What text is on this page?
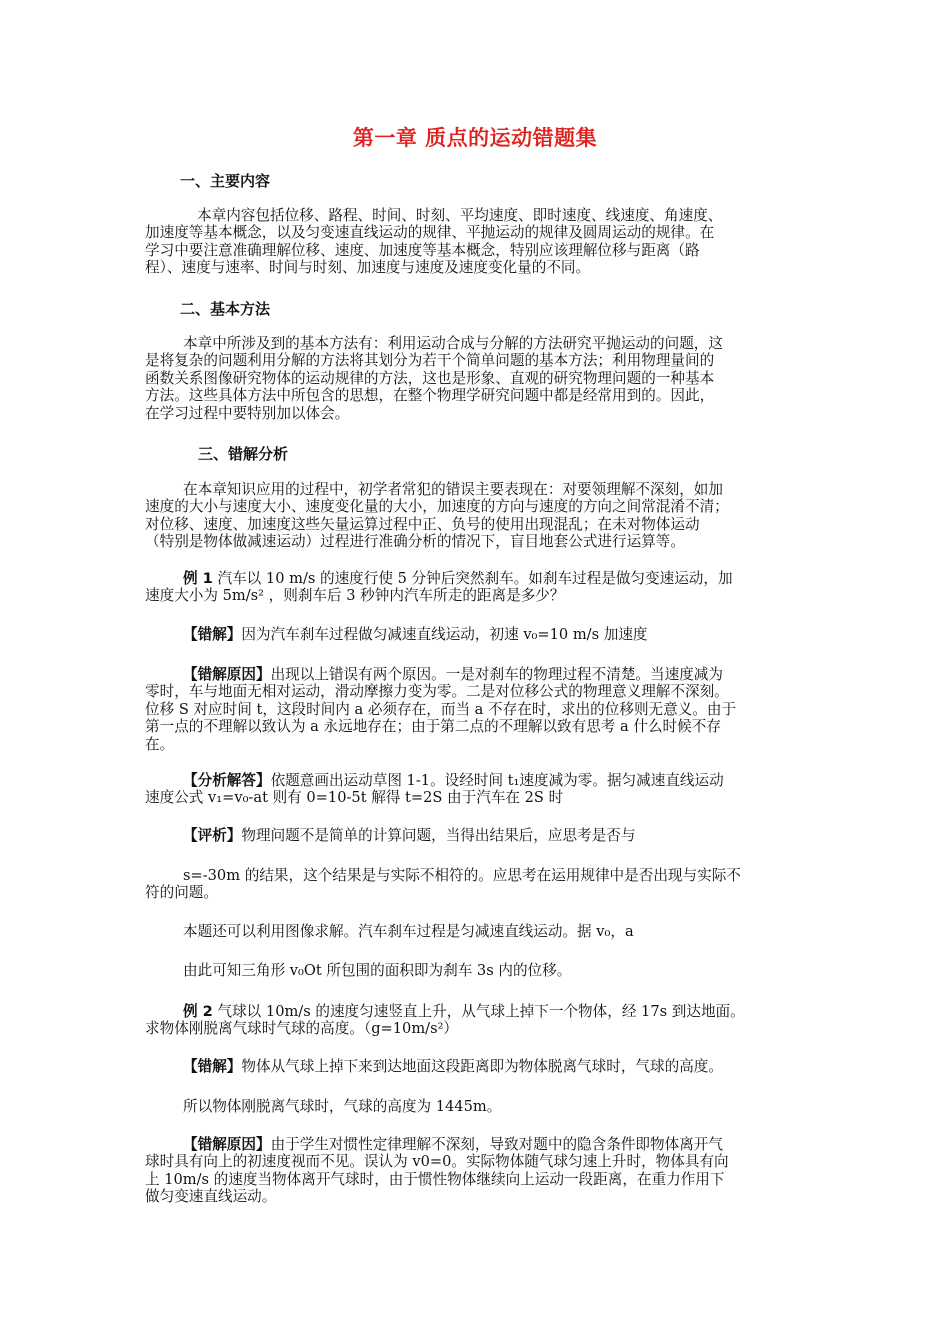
第一章 质点的运动错题集
一、主要内容
本章内容包括位移、路程、时间、时刻、平均速度、即时速度、线速度、角速度、
加速度等基本概念，以及匀变速直线运动的规律、平抛运动的规律及圆周运动的规律。在
学习中要注意准确理解位移、速度、加速度等基本概念，特别应该理解位移与距离（路
程）、速度与速率、时间与时刻、加速度与速度及速度变化量的不同。
二、基本方法
本章中所涉及到的基本方法有：利用运动合成与分解的方法研究平抛运动的问题，这
是将复杂的问题利用分解的方法将其划分为若干个简单问题的基本方法；利用物理量间的
函数关系图像研究物体的运动规律的方法，这也是形象、直观的研究物理问题的一种基本
方法。这些具体方法中所包含的思想，在整个物理学研究问题中都是经常用到的。因此，
在学习过程中要特别加以体会。
三、错解分析
在本章知识应用的过程中，初学者常犯的错误主要表现在：对要领理解不深刻，如加
速度的大小与速度大小、速度变化量的大小，加速度的方向与速度的方向之间常混淆不清；
对位移、速度、加速度这些矢量运算过程中正、负号的使用出现混乱；在未对物体运动
（特别是物体做减速运动）过程进行准确分析的情况下，盲目地套公式进行运算等。
例 1 汽车以 10 m/s 的速度行使 5 分钟后突然刹车。如刹车过程是做匀变速运动，加
速度大小为 5m/s² ，则刹车后 3 秒钟内汽车所走的距离是多少？
【错解】因为汽车刹车过程做匀减速直线运动，初速 v₀=10 m/s 加速度
【错解原因】出现以上错误有两个原因。一是对刹车的物理过程不清楚。当速度减为
零时，车与地面无相对运动，滑动摩擦力变为零。二是对位移公式的物理意义理解不深刻。
位移 S 对应时间 t，这段时间内 a 必须存在，而当 a 不存在时，求出的位移则无意义。由于
第一点的不理解以致认为 a 永远地存在；由于第二点的不理解以致有思考 a 什么时候不存
在。
【分析解答】依题意画出运动草图 1-1。设经时间 t₁速度减为零。据匀减速直线运动
速度公式 v₁=v₀-at 则有 0=10-5t 解得 t=2S 由于汽车在 2S 时
【评析】物理问题不是简单的计算问题，当得出结果后，应思考是否与
s=-30m 的结果，这个结果是与实际不相符的。应思考在运用规律中是否出现与实际不
符的问题。
本题还可以利用图像求解。汽车刹车过程是匀减速直线运动。据 v₀，a
由此可知三角形 v₀Ot 所包围的面积即为刹车 3s 内的位移。
例 2 气球以 10m/s 的速度匀速竖直上升，从气球上掉下一个物体，经 17s 到达地面。
求物体刚脱离气球时气球的高度。（g=10m/s²）
【错解】物体从气球上掉下来到达地面这段距离即为物体脱离气球时，气球的高度。
所以物体刚脱离气球时，气球的高度为 1445m。
【错解原因】由于学生对惯性定律理解不深刻，导致对题中的隐含条件即物体离开气
球时具有向上的初速度视而不见。误认为 v0=0。实际物体随气球匀速上升时，物体具有向
上 10m/s 的速度当物体离开气球时，由于惯性物体继续向上运动一段距离，在重力作用下
做匀变速直线运动。
